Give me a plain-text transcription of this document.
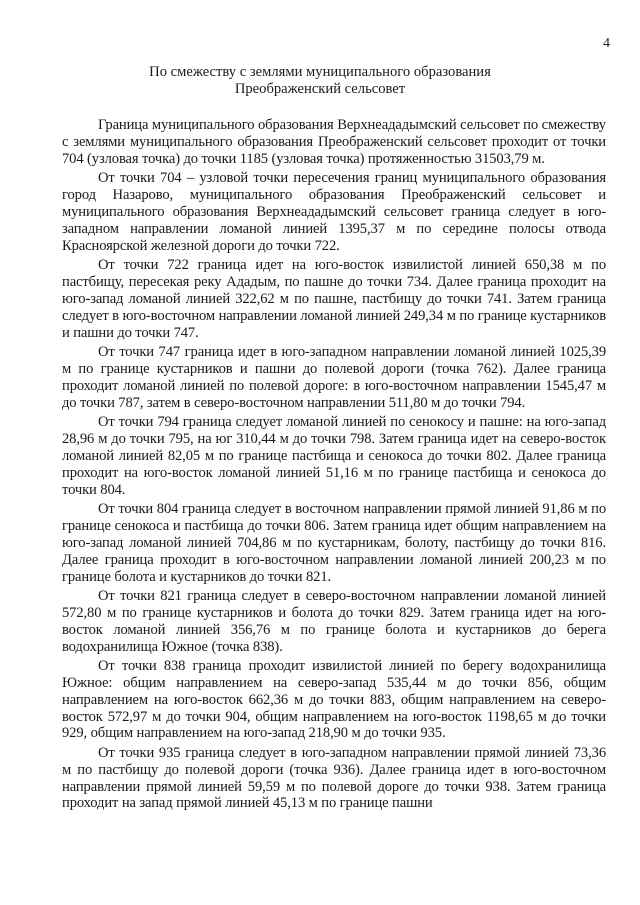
4
По смежеству с землями муниципального образования
Преображенский сельсовет

Граница муниципального образования Верхнеададымский сельсовет по смежеству с землями муниципального образования Преображенский сельсовет проходит от точки 704 (узловая точка) до точки 1185 (узловая точка) протяженностью 31503,79 м.

От точки 704 – узловой точки пересечения границ муниципального образования город Назарово, муниципального образования Преображенский сельсовет и муниципального образования Верхнеададымский сельсовет граница следует в юго-западном направлении ломаной линией 1395,37 м по середине полосы отвода Красноярской железной дороги до точки 722.

От точки 722 граница идет на юго-восток извилистой линией 650,38 м по пастбищу, пересекая реку Ададым, по пашне до точки 734. Далее граница проходит на юго-запад ломаной линией 322,62 м по пашне, пастбищу до точки 741. Затем граница следует в юго-восточном направлении ломаной линией 249,34 м по границе кустарников и пашни до точки 747.

От точки 747 граница идет в юго-западном направлении ломаной линией 1025,39 м по границе кустарников и пашни до полевой дороги (точка 762). Далее граница проходит ломаной линией по полевой дороге: в юго-восточном направлении 1545,47 м до точки 787, затем в северо-восточном направлении 511,80 м до точки 794.

От точки 794 граница следует ломаной линией по сенокосу и пашне: на юго-запад 28,96 м до точки 795, на юг 310,44 м до точки 798. Затем граница идет на северо-восток ломаной линией 82,05 м по границе пастбища и сенокоса до точки 802. Далее граница проходит на юго-восток ломаной линией 51,16 м по границе пастбища и сенокоса до точки 804.

От точки 804 граница следует в восточном направлении прямой линией 91,86 м по границе сенокоса и пастбища до точки 806. Затем граница идет общим направлением на юго-запад ломаной линией 704,86 м по кустарникам, болоту, пастбищу до точки 816. Далее граница проходит в юго-восточном направлении ломаной линией 200,23 м по границе болота и кустарников до точки 821.

От точки 821 граница следует в северо-восточном направлении ломаной линией 572,80 м по границе кустарников и болота до точки 829. Затем граница идет на юго-восток ломаной линией 356,76 м по границе болота и кустарников до берега водохранилища Южное (точка 838).

От точки 838 граница проходит извилистой линией по берегу водохранилища Южное: общим направлением на северо-запад 535,44 м до точки 856, общим направлением на юго-восток 662,36 м до точки 883, общим направлением на северо-восток 572,97 м до точки 904, общим направлением на юго-восток 1198,65 м до точки 929, общим направлением на юго-запад 218,90 м до точки 935.

От точки 935 граница следует в юго-западном направлении прямой линией 73,36 м по пастбищу до полевой дороги (точка 936). Далее граница идет в юго-восточном направлении прямой линией 59,59 м по полевой дороге до точки 938. Затем граница проходит на запад прямой линией 45,13 м по границе пашни
